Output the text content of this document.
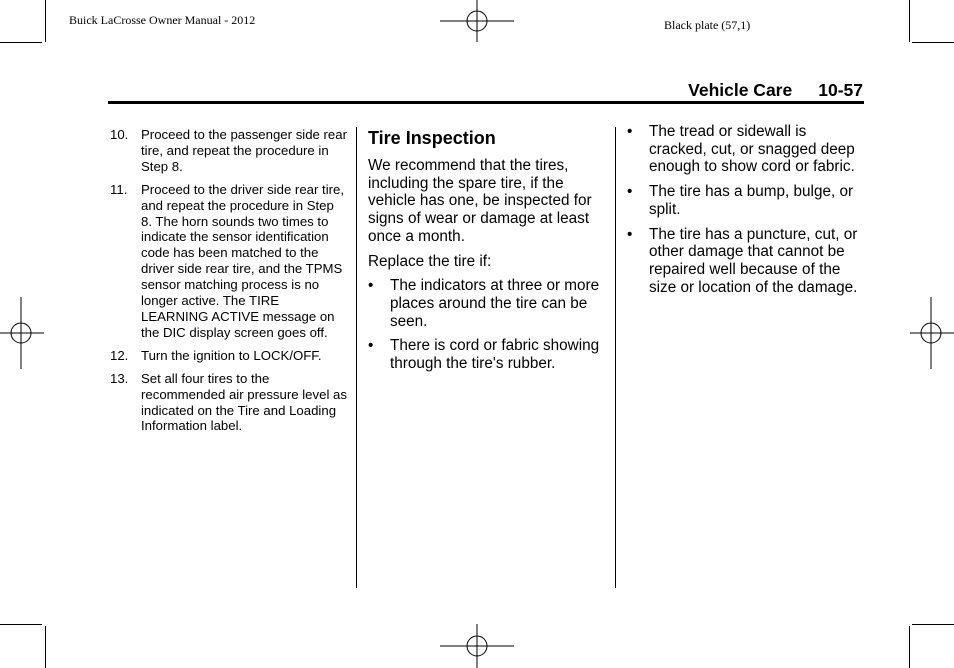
Buick LaCrosse Owner Manual - 2012	Black plate (57,1)
Vehicle Care 10-57
10. Proceed to the passenger side rear tire, and repeat the procedure in Step 8.
11. Proceed to the driver side rear tire, and repeat the procedure in Step 8. The horn sounds two times to indicate the sensor identification code has been matched to the driver side rear tire, and the TPMS sensor matching process is no longer active. The TIRE LEARNING ACTIVE message on the DIC display screen goes off.
12. Turn the ignition to LOCK/OFF.
13. Set all four tires to the recommended air pressure level as indicated on the Tire and Loading Information label.
Tire Inspection

We recommend that the tires, including the spare tire, if the vehicle has one, be inspected for signs of wear or damage at least once a month.

Replace the tire if:

• The indicators at three or more places around the tire can be seen.
• There is cord or fabric showing through the tire's rubber.
• The tread or sidewall is cracked, cut, or snagged deep enough to show cord or fabric.
• The tire has a bump, bulge, or split.
• The tire has a puncture, cut, or other damage that cannot be repaired well because of the size or location of the damage.
